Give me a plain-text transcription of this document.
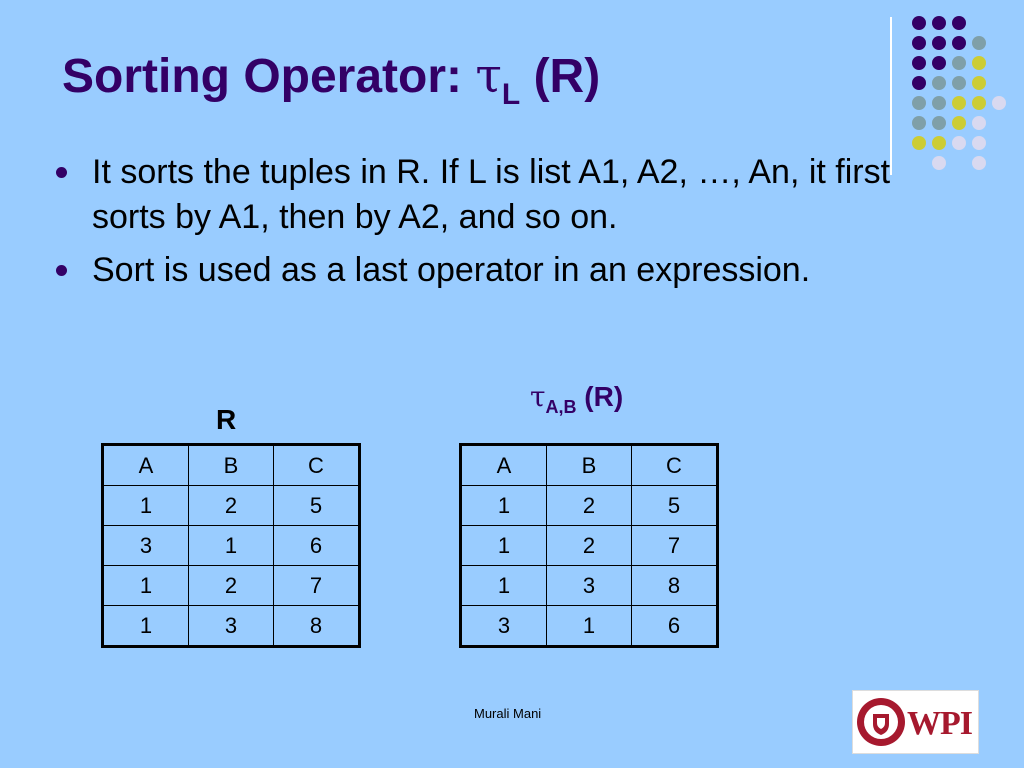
Sorting Operator: $\tau_L$ (R)
It sorts the tuples in R. If L is list A1, A2, …, An, it first sorts by A1, then by A2, and so on.
Sort is used as a last operator in an expression.
R
$\tau_{A,B}$ (R)
A	B	C
1	2	5
3	1	6
1	2	7
1	3	8
A	B	C
1	2	5
1	2	7
1	3	8
3	1	6
Murali Mani	WPI
